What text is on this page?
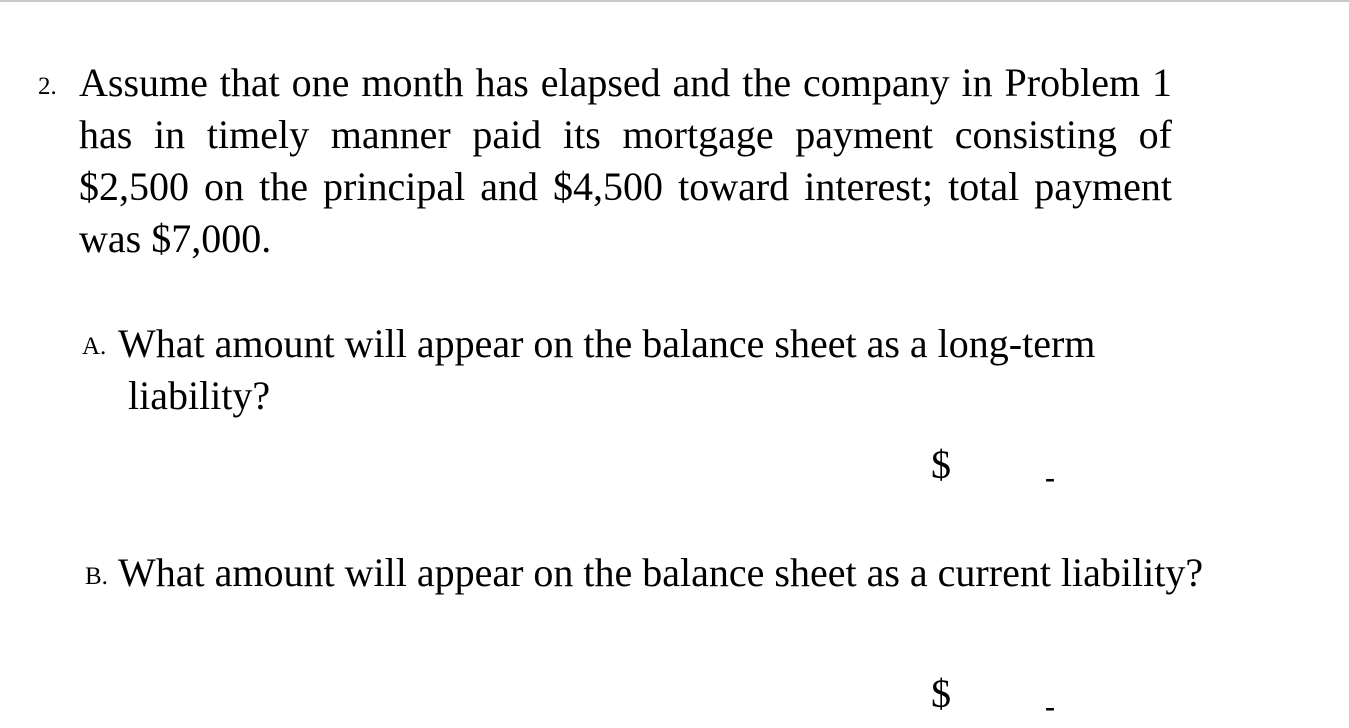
2. Assume that one month has elapsed and the company in Problem 1 has in timely manner paid its mortgage payment consisting of $2,500 on the principal and $4,500 toward interest; total payment was $7,000.
A. What amount will appear on the balance sheet as a long-term liability?
$	-
B. What amount will appear on the balance sheet as a current liability?
$	-
